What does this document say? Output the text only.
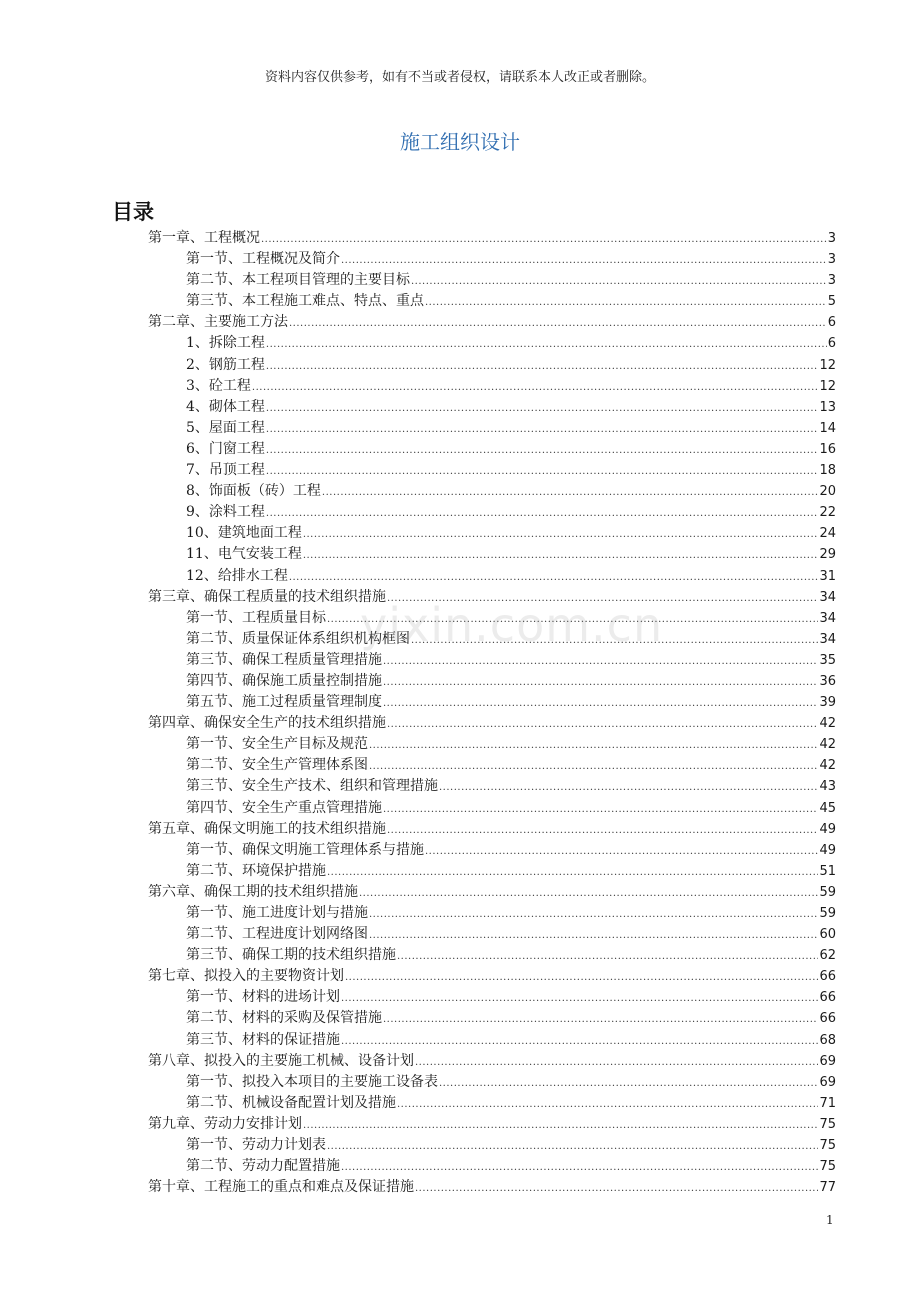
资料内容仅供参考，如有不当或者侵权，请联系本人改正或者删除。
施工组织设计
目录
第一章、工程概况 .....	3
第一节、工程概况及简介 .....	3
第二节、本工程项目管理的主要目标 .....	3
第三节、本工程施工难点、特点、重点 .....	5
第二章、主要施工方法 .....	6
1、拆除工程 .....	6
2、钢筋工程 .....	12
3、砼工程 .....	12
4、砌体工程 .....	13
5、屋面工程 .....	14
6、门窗工程 .....	16
7、吊顶工程 .....	18
8、饰面板（砖）工程 .....	20
9、涂料工程 .....	22
10、建筑地面工程 .....	24
11、电气安装工程 .....	29
12、给排水工程 .....	31
第三章、确保工程质量的技术组织措施 .....	34
第一节、工程质量目标 .....	34
第二节、质量保证体系组织机构框图 .....	34
第三节、确保工程质量管理措施 .....	35
第四节、确保施工质量控制措施 .....	36
第五节、施工过程质量管理制度 .....	39
第四章、确保安全生产的技术组织措施 .....	42
第一节、安全生产目标及规范 .....	42
第二节、安全生产管理体系图 .....	42
第三节、安全生产技术、组织和管理措施 .....	43
第四节、安全生产重点管理措施 .....	45
第五章、确保文明施工的技术组织措施 .....	49
第一节、确保文明施工管理体系与措施 .....	49
第二节、环境保护措施 .....	51
第六章、确保工期的技术组织措施 .....	59
第一节、施工进度计划与措施 .....	59
第二节、工程进度计划网络图 .....	60
第三节、确保工期的技术组织措施 .....	62
第七章、拟投入的主要物资计划 .....	66
第一节、材料的进场计划 .....	66
第二节、材料的采购及保管措施 .....	66
第三节、材料的保证措施 .....	68
第八章、拟投入的主要施工机械、设备计划 .....	69
第一节、拟投入本项目的主要施工设备表 .....	69
第二节、机械设备配置计划及措施 .....	71
第九章、劳动力安排计划 .....	75
第一节、劳动力计划表 .....	75
第二节、劳动力配置措施 .....	75
第十章、工程施工的重点和难点及保证措施 .....	77
yixin.com.cn
1
